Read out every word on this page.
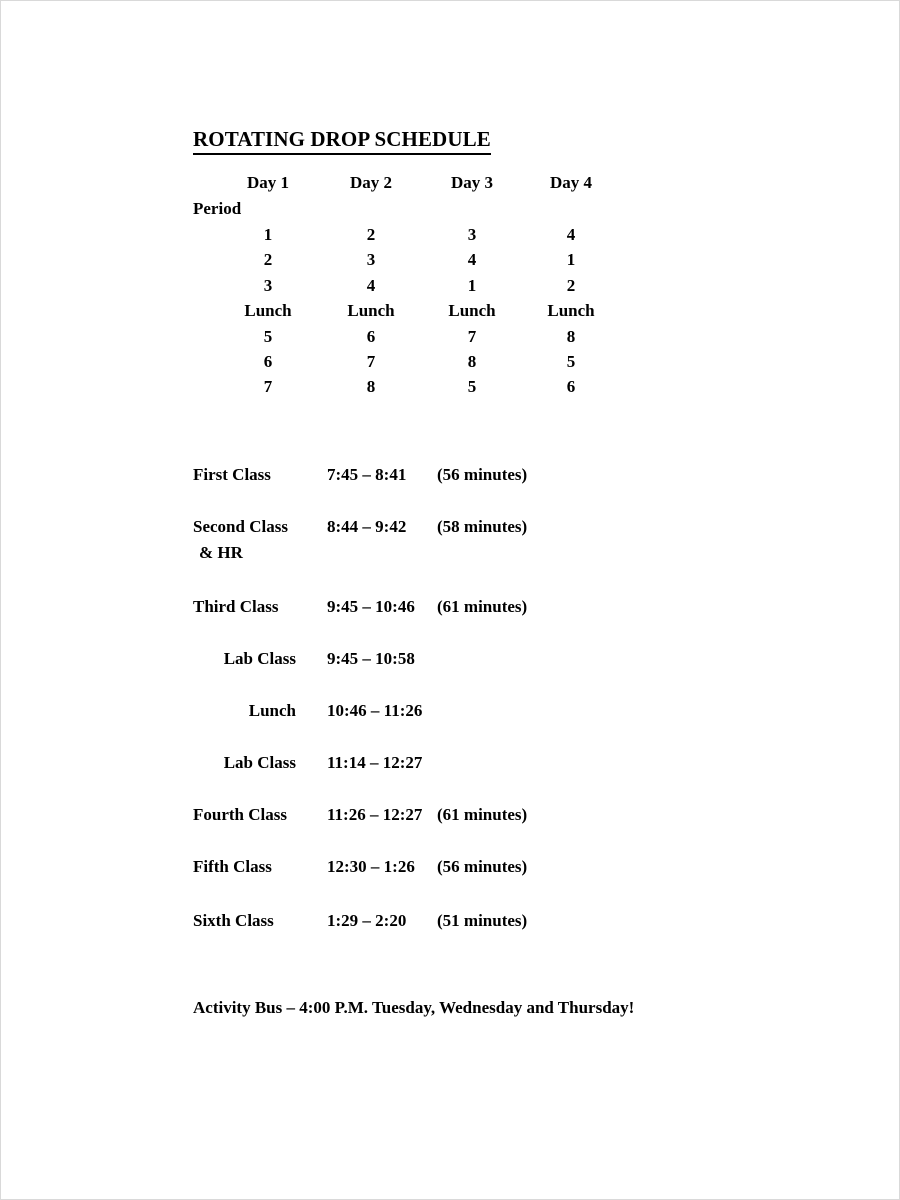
ROTATING DROP SCHEDULE
Day 1	Day 2	Day 3	Day 4
Period
1	2	3	4
2	3	4	1
3	4	1	2
Lunch	Lunch	Lunch	Lunch
5	6	7	8
6	7	8	5
7	8	5	6
First Class	7:45 – 8:41 (56 minutes)
Second Class 8:44 – 9:42 (58 minutes)
& HR
Third Class	9:45 – 10:46 (61 minutes)
Lab Class 9:45 – 10:58
Lunch 10:46 – 11:26
Lab Class 11:14 – 12:27
Fourth Class 11:26 – 12:27 (61 minutes)
Fifth Class	12:30 – 1:26 (56 minutes)
Sixth Class	1:29 – 2:20 (51 minutes)
Activity Bus – 4:00 P.M. Tuesday, Wednesday and Thursday!
